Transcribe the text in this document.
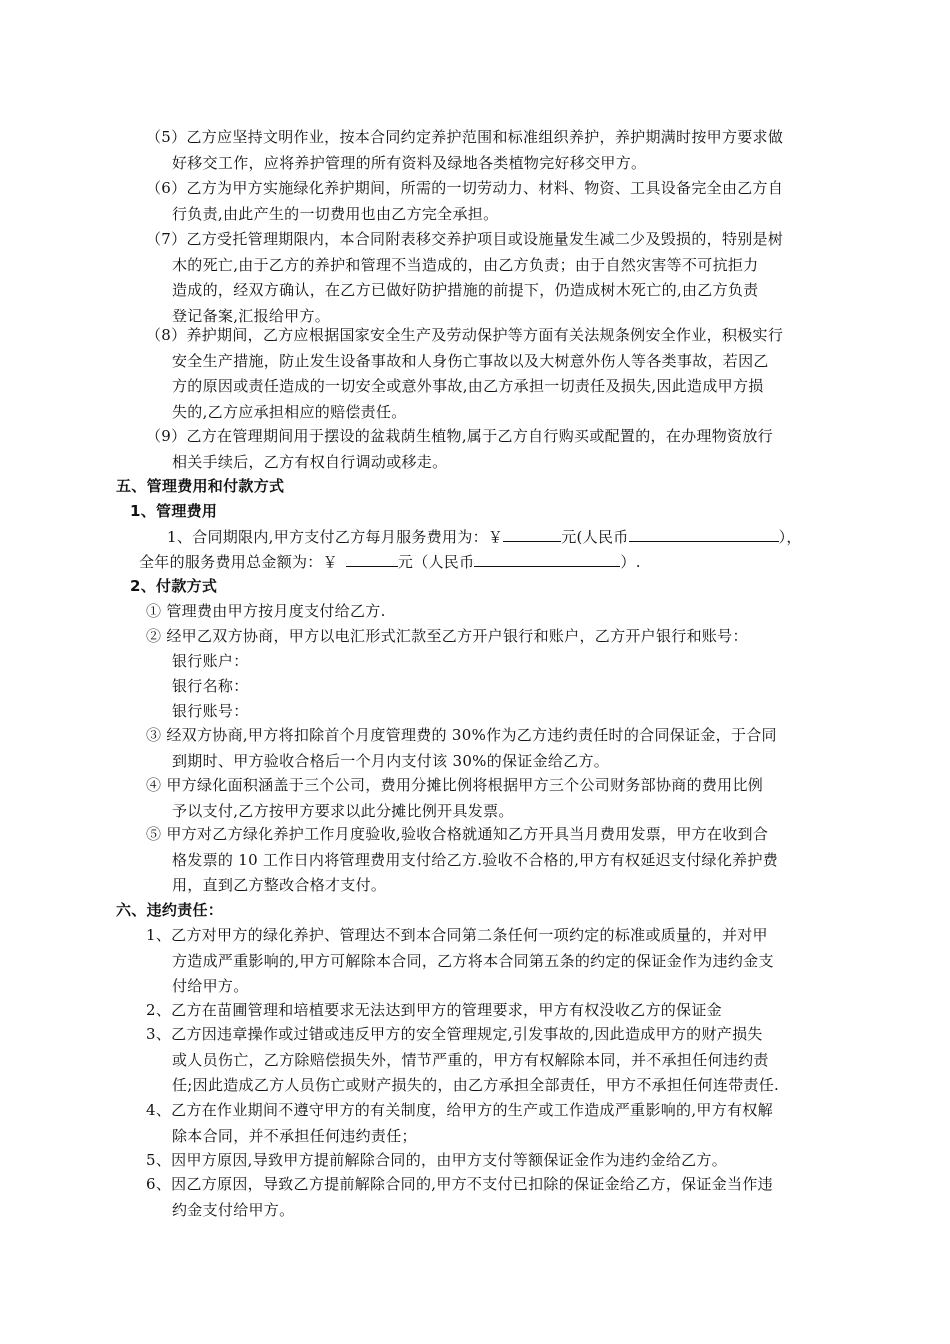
（5）乙方应坚持文明作业，按本合同约定养护范围和标准组织养护，养护期满时按甲方要求做
好移交工作，应将养护管理的所有资料及绿地各类植物完好移交甲方。
（6）乙方为甲方实施绿化养护期间，所需的一切劳动力、材料、物资、工具设备完全由乙方自
行负责,由此产生的一切费用也由乙方完全承担。
（7）乙方受托管理期限内，本合同附表移交养护项目或设施量发生减二少及毁损的，特别是树
木的死亡,由于乙方的养护和管理不当造成的，由乙方负责；由于自然灾害等不可抗拒力
造成的，经双方确认，在乙方已做好防护措施的前提下，仍造成树木死亡的,由乙方负责
登记备案,汇报给甲方。
（8）养护期间，乙方应根据国家安全生产及劳动保护等方面有关法规条例安全作业，积极实行
安全生产措施，防止发生设备事故和人身伤亡事故以及大树意外伤人等各类事故，若因乙
方的原因或责任造成的一切安全或意外事故,由乙方承担一切责任及损失,因此造成甲方损
失的,乙方应承担相应的赔偿责任。
（9）乙方在管理期间用于摆设的盆栽荫生植物,属于乙方自行购买或配置的，在办理物资放行
相关手续后，乙方有权自行调动或移走。
五、管理费用和付款方式
1、管理费用
1、合同期限内,甲方支付乙方每月服务费用为：￥	元(人民币	），
全年的服务费用总金额为：￥	元（人民币	）.
2、付款方式
① 管理费由甲方按月度支付给乙方.
② 经甲乙双方协商，甲方以电汇形式汇款至乙方开户银行和账户，乙方开户银行和账号：
银行账户：
银行名称：
银行账号：
③ 经双方协商,甲方将扣除首个月度管理费的 30%作为乙方违约责任时的合同保证金，于合同
到期时、甲方验收合格后一个月内支付该 30%的保证金给乙方。
④ 甲方绿化面积涵盖于三个公司，费用分摊比例将根据甲方三个公司财务部协商的费用比例
予以支付,乙方按甲方要求以此分摊比例开具发票。
⑤ 甲方对乙方绿化养护工作月度验收,验收合格就通知乙方开具当月费用发票，甲方在收到合
格发票的 10 工作日内将管理费用支付给乙方.验收不合格的,甲方有权延迟支付绿化养护费
用，直到乙方整改合格才支付。
六、违约责任：
1、乙方对甲方的绿化养护、管理达不到本合同第二条任何一项约定的标准或质量的，并对甲
方造成严重影响的,甲方可解除本合同，乙方将本合同第五条的约定的保证金作为违约金支
付给甲方。
2、乙方在苗圃管理和培植要求无法达到甲方的管理要求，甲方有权没收乙方的保证金
3、乙方因违章操作或过错或违反甲方的安全管理规定,引发事故的,因此造成甲方的财产损失
或人员伤亡，乙方除赔偿损失外，情节严重的，甲方有权解除本同，并不承担任何违约责
任;因此造成乙方人员伤亡或财产损失的，由乙方承担全部责任，甲方不承担任何连带责任.
4、乙方在作业期间不遵守甲方的有关制度，给甲方的生产或工作造成严重影响的,甲方有权解
除本合同，并不承担任何违约责任；
5、因甲方原因,导致甲方提前解除合同的，由甲方支付等额保证金作为违约金给乙方。
6、因乙方原因，导致乙方提前解除合同的,甲方不支付已扣除的保证金给乙方，保证金当作违
约金支付给甲方。
